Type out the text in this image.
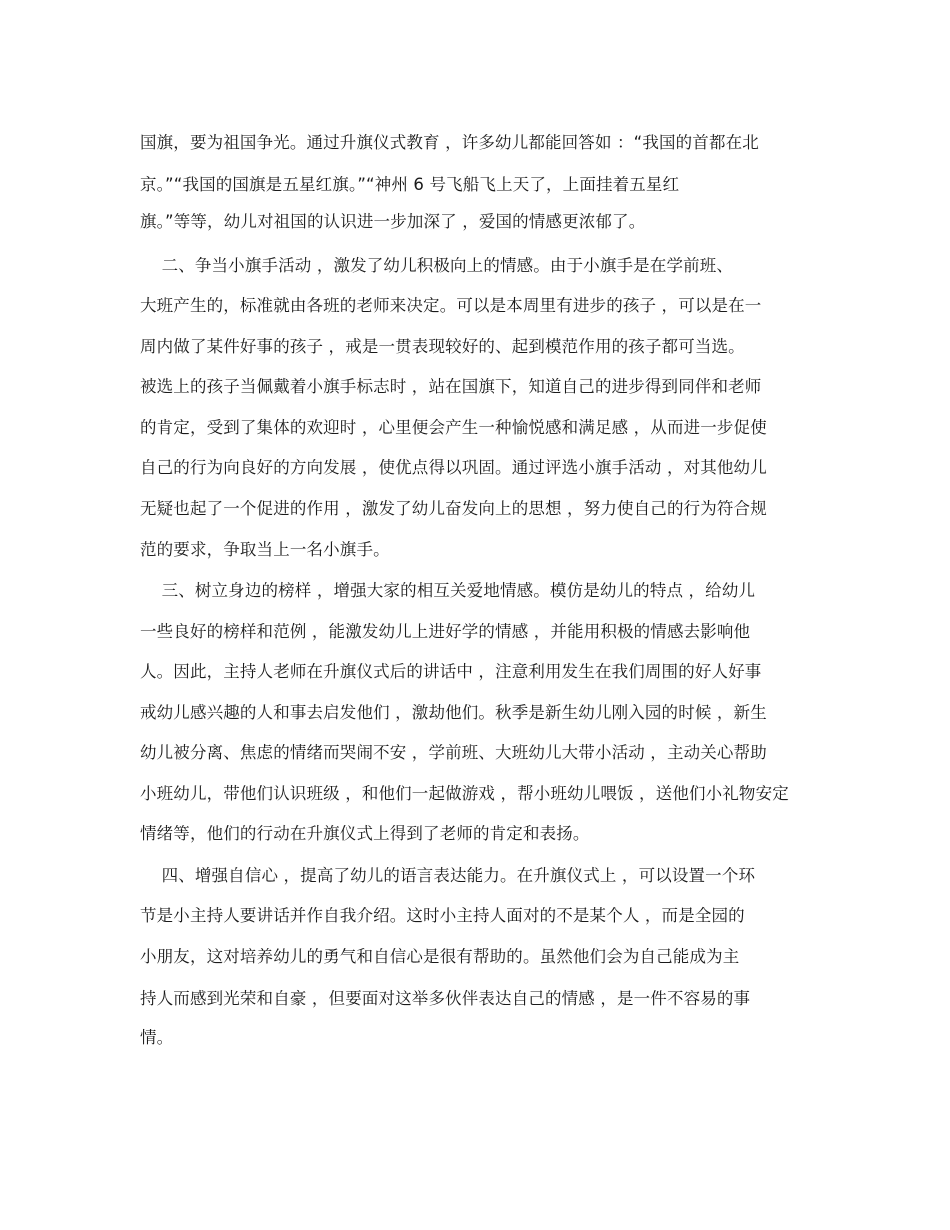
国旗，要为祖国争光。通过升旗仪式教育 ，许多幼儿都能回答如 ：“我国的首都在北
京。”“我国的国旗是五星红旗。”“神州 6 号飞船飞上天了，上面挂着五星红
旗。”等等，幼儿对祖国的认识进一步加深了 ，爱国的情感更浓郁了。
二、争当小旗手活动 ，激发了幼儿积极向上的情感。由于小旗手是在学前班、
大班产生的，标准就由各班的老师来决定。可以是本周里有进步的孩子 ，可以是在一
周内做了某件好事的孩子 ，戒是一贯表现较好的、起到模范作用的孩子都可当选。
被选上的孩子当佩戴着小旗手标志时 ，站在国旗下，知道自己的进步得到同伴和老师
的肯定，受到了集体的欢迎时 ，心里便会产生一种愉悦感和满足感 ，从而进一步促使
自己的行为向良好的方向发展 ，使优点得以巩固。通过评选小旗手活动 ，对其他幼儿
无疑也起了一个促进的作用 ，激发了幼儿奋发向上的思想 ，努力使自己的行为符合规
范的要求，争取当上一名小旗手。
三、树立身边的榜样 ，增强大家的相互关爱地情感。模仿是幼儿的特点 ，给幼儿
一些良好的榜样和范例 ，能激发幼儿上进好学的情感 ，并能用积极的情感去影响他
人。因此，主持人老师在升旗仪式后的讲话中 ，注意利用发生在我们周围的好人好事
戒幼儿感兴趣的人和事去启发他们 ，激劫他们。秋季是新生幼儿刚入园的时候 ，新生
幼儿被分离、焦虑的情绪而哭闹不安 ，学前班、大班幼儿大带小活动 ，主动关心帮助
小班幼儿，带他们认识班级 ，和他们一起做游戏 ，帮小班幼儿喂饭 ，送他们小礼物安定
情绪等，他们的行动在升旗仪式上得到了老师的肯定和表扬。
四、增强自信心 ，提高了幼儿的语言表达能力。在升旗仪式上 ，可以设置一个环
节是小主持人要讲话并作自我介绍。这时小主持人面对的不是某个人 ，而是全园的
小朋友，这对培养幼儿的勇气和自信心是很有帮助的。虽然他们会为自己能成为主
持人而感到光荣和自豪 ，但要面对这举多伙伴表达自己的情感 ，是一件不容易的事
情。
